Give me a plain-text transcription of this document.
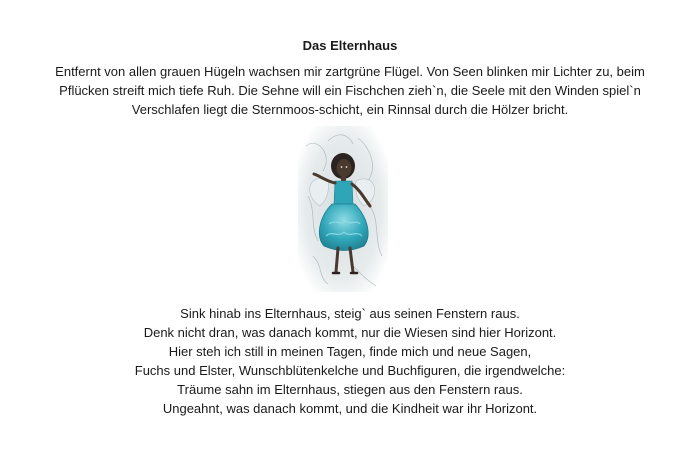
Das Elternhaus

Entfernt von allen grauen Hügeln wachsen mir zartgrüne Flügel. Von Seen blinken mir Lichter zu, beim

Pflücken streift mich tiefe Ruh. Die Sehne will ein Fischchen zieh`n, die Seele mit den Winden spiel`n

Verschlafen liegt die Sternmoos-schicht, ein Rinnsal durch die Hölzer bricht.

Sink hinab ins Elternhaus, steig` aus seinen Fenstern raus.

Denk nicht dran, was danach kommt, nur die Wiesen sind hier Horizont.

Hier steh ich still in meinen Tagen, finde mich und neue Sagen,

Fuchs und Elster, Wunschblütenkelche und Buchfiguren, die irgendwelche:

Träume sahn im Elternhaus, stiegen aus den Fenstern raus.

Ungeahnt, was danach kommt, und die Kindheit war ihr Horizont.
